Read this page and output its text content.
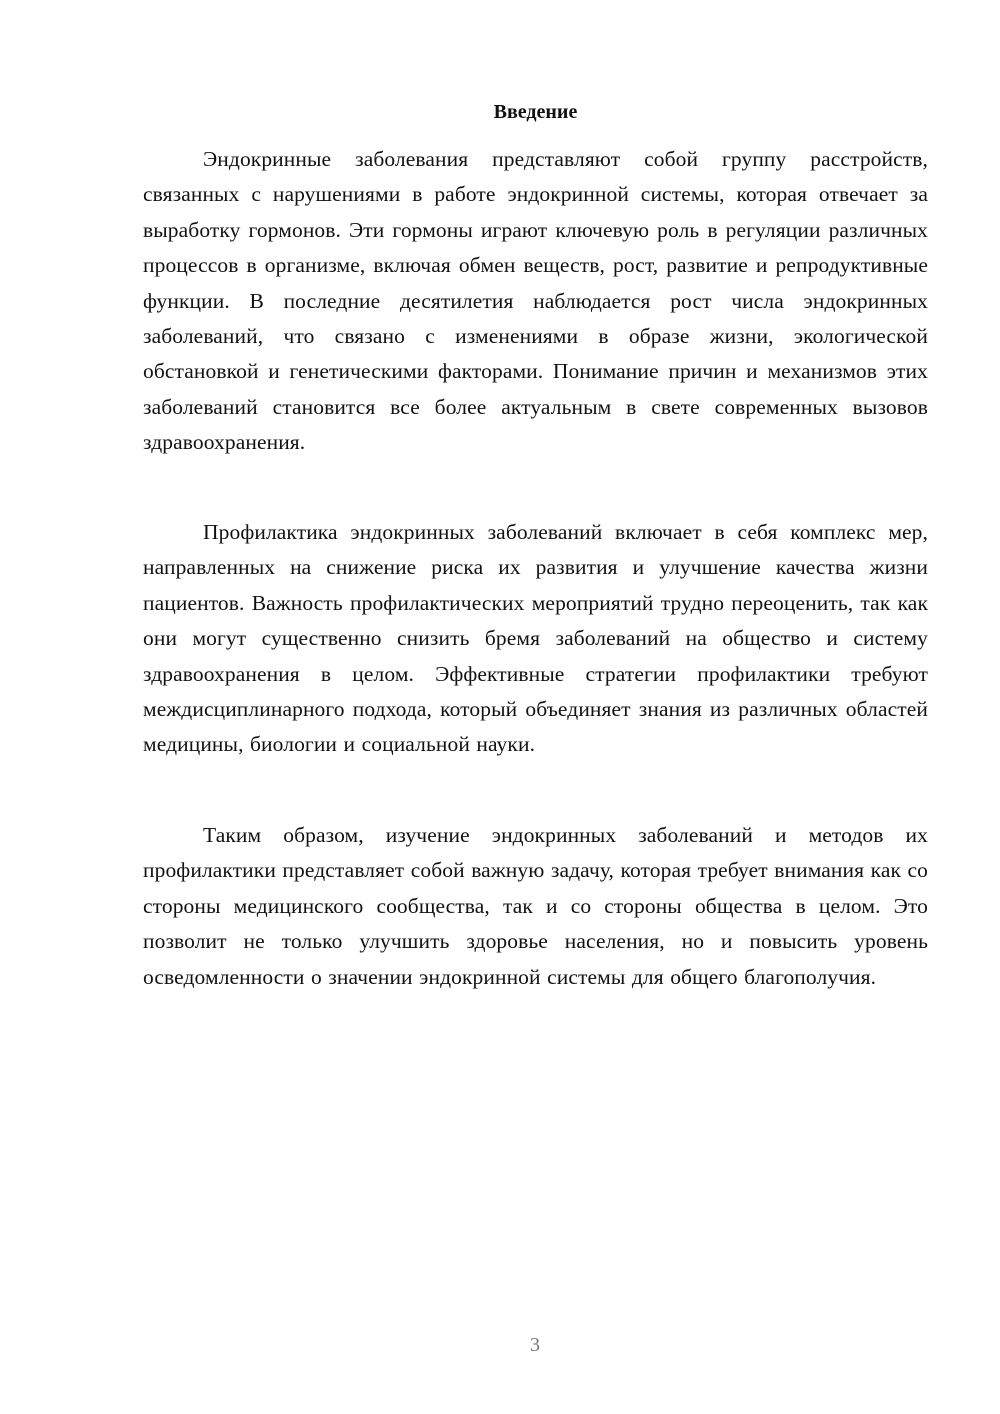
Введение

Эндокринные заболевания представляют собой группу расстройств, связанных с нарушениями в работе эндокринной системы, которая отвечает за выработку гормонов. Эти гормоны играют ключевую роль в регуляции различных процессов в организме, включая обмен веществ, рост, развитие и репродуктивные функции. В последние десятилетия наблюдается рост числа эндокринных заболеваний, что связано с изменениями в образе жизни, экологической обстановкой и генетическими факторами. Понимание причин и механизмов этих заболеваний становится все более актуальным в свете современных вызовов здравоохранения.

Профилактика эндокринных заболеваний включает в себя комплекс мер, направленных на снижение риска их развития и улучшение качества жизни пациентов. Важность профилактических мероприятий трудно переоценить, так как они могут существенно снизить бремя заболеваний на общество и систему здравоохранения в целом. Эффективные стратегии профилактики требуют междисциплинарного подхода, который объединяет знания из различных областей медицины, биологии и социальной науки.

Таким образом, изучение эндокринных заболеваний и методов их профилактики представляет собой важную задачу, которая требует внимания как со стороны медицинского сообщества, так и со стороны общества в целом. Это позволит не только улучшить здоровье населения, но и повысить уровень осведомленности о значении эндокринной системы для общего благополучия.

3
